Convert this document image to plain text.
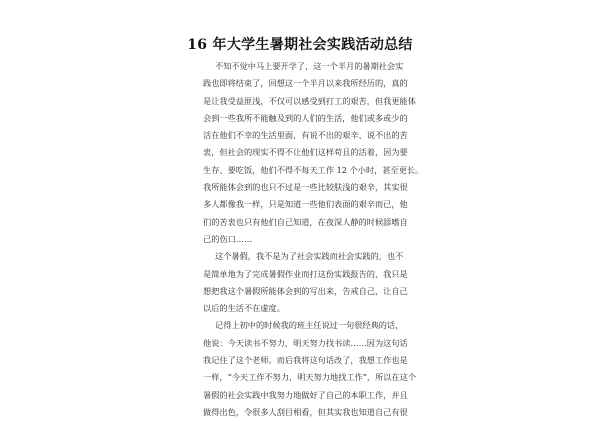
16 年大学生暑期社会实践活动总结
不知不觉中马上要开学了，这一个半月的暑期社会实
践也即将结束了，回想这一个半月以来我所经历的，真的
是让我受益匪浅，不仅可以感受到打工的艰苦，但我更能体
会到一些我所不能触及到的人们的生活，他们或多或少的
活在他们不幸的生活里面，有说不出的艰辛、说不出的苦
衷，但社会的现实不得不让他们这样苟且的活着，因为要
生存、要吃饭，他们不得不每天工作 12 个小时，甚至更长。
我所能体会到的也只不过是一些比较肤浅的艰辛，其实很
多人都像我一样，只是知道一些他们表面的艰辛而已，他
们的苦衷也只有他们自己知道，在夜深人静的时候舔嗜自
己的伤口……
这个暑假，我不是为了社会实践而社会实践的，也不
是简单地为了完成暑假作业而打这份实践报告的，我只是
想把我这个暑假所能体会到的写出来，告戒自己，让自己
以后的生活不在虚度。
记得上初中的时候我的班主任说过一句很经典的话，
他说：今天读书不努力，明天努力找书读……因为这句话
我记住了这个老师。而后我将这句话改了，我想工作也是
一样，“今天工作不努力，明天努力地找工作”，所以在这个
暑假的社会实践中我努力地做好了自己的本职工作，并且
做得出色，令很多人刮目相看，但其实我也知道自己有很
